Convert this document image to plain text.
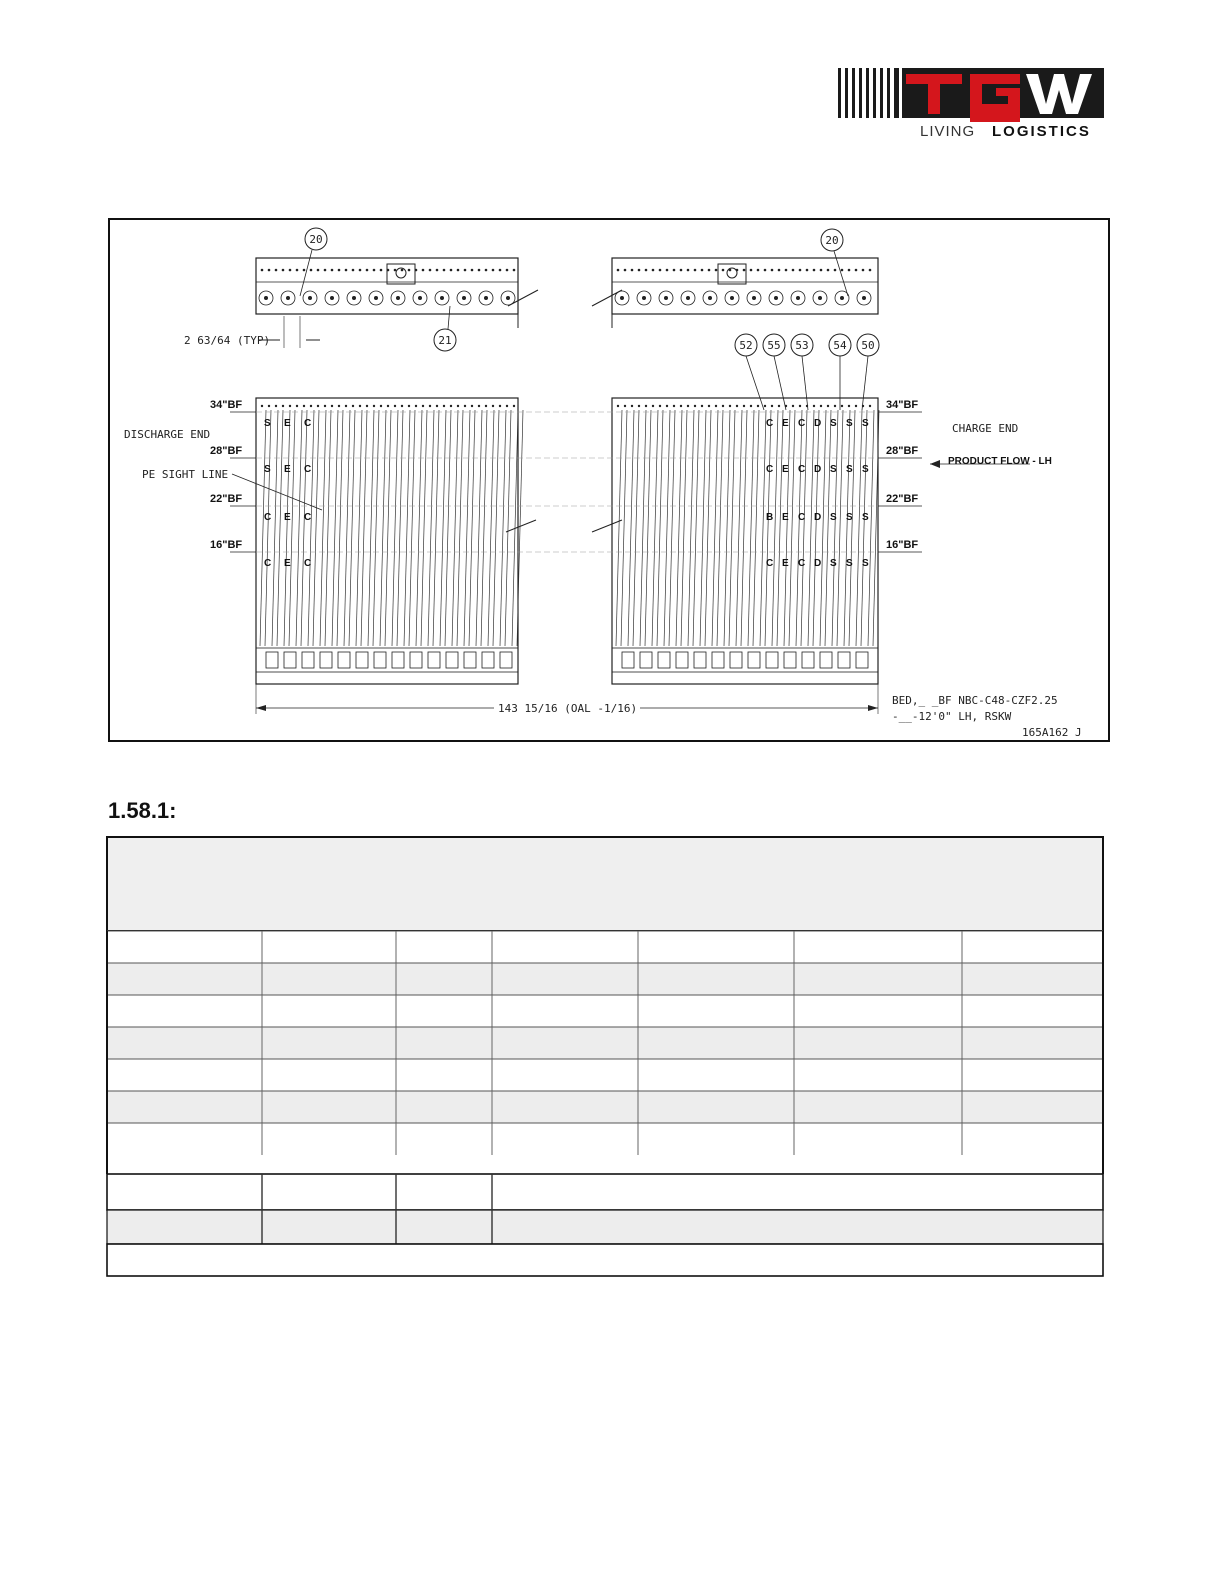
LIVING LOGISTICS
20
21
20
2 63/64 (TYP)	52 55 53 54 50
34"BF	34"BF
28"BF	28"BF
22"BF	22"BF
16"BF	16"BF
S E C
S E C
C E C
C E C
C E C D S S S
C E C D S S S
B E C D S S S
C E C D S S S
DISCHARGE END
PE SIGHT LINE
CHARGE END
PRODUCT FLOW - LH
143 15/16 (OAL -1/16)
BED,_ _BF NBC-C48-CZF2.25
-__-12'0" LH, RSKW
165A162 J
1.58.1:
